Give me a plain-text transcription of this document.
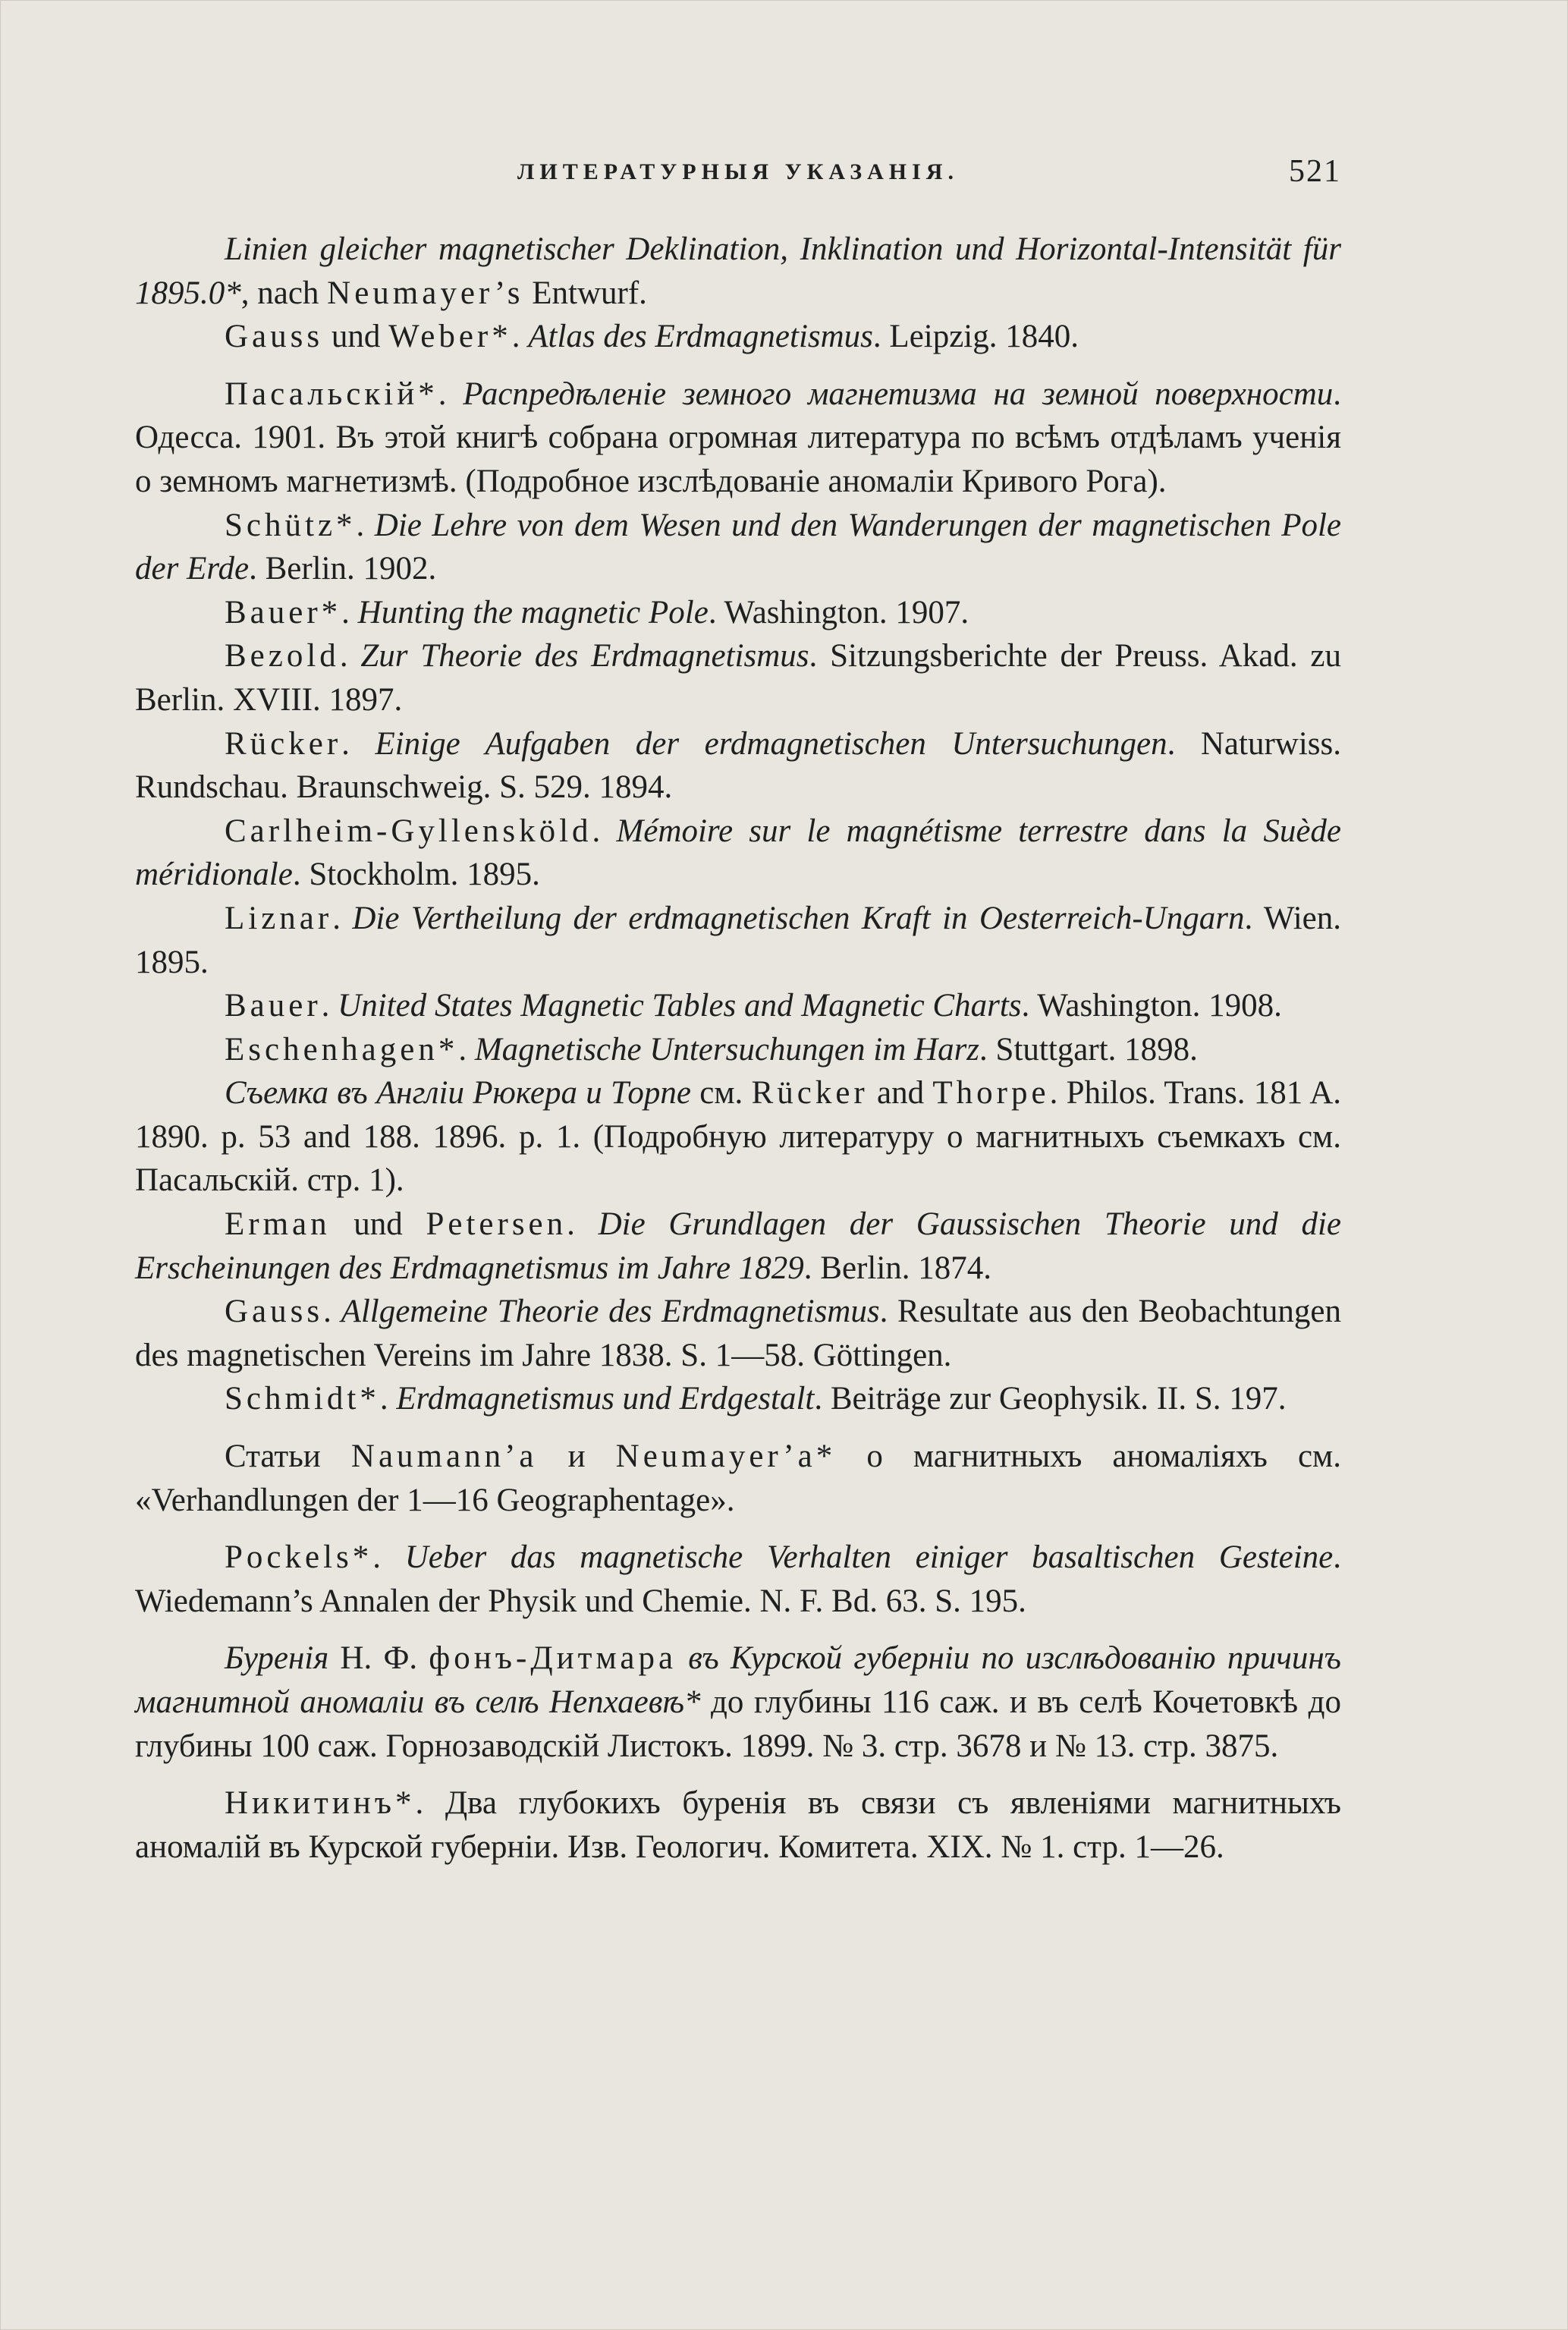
ЛИТЕРАТУРНЫЯ УКАЗАНІЯ.	521

Linien gleicher magnetischer Deklination, Inklination und Horizontal-Intensität für 1895.0*, nach Neumayer’s Entwurf.

Gauss und Weber*. Atlas des Erdmagnetismus. Leipzig. 1840.

Пасальскій*. Распредѣленіе земного магнетизма на земной поверхности. Одесса. 1901. Въ этой книгѣ собрана огромная литература по всѣмъ отдѣламъ ученія о земномъ магнетизмѣ. (Подробное изслѣдованіе аномаліи Кривого Рога).

Schütz*. Die Lehre von dem Wesen und den Wanderungen der magnetischen Pole der Erde. Berlin. 1902.

Bauer*. Hunting the magnetic Pole. Washington. 1907.

Bezold. Zur Theorie des Erdmagnetismus. Sitzungsberichte der Preuss. Akad. zu Berlin. XVIII. 1897.

Rücker. Einige Aufgaben der erdmagnetischen Untersuchungen. Naturwiss. Rundschau. Braunschweig. S. 529. 1894.

Carlheim-Gyllensköld. Mémoire sur le magnétisme terrestre dans la Suède méridionale. Stockholm. 1895.

Liznar. Die Vertheilung der erdmagnetischen Kraft in Oesterreich-Ungarn. Wien. 1895.

Bauer. United States Magnetic Tables and Magnetic Charts. Washington. 1908.

Eschenhagen*. Magnetische Untersuchungen im Harz. Stuttgart. 1898.

Съемка въ Англіи Рюкера и Торпе см. Rücker and Thorpe. Philos. Trans. 181 A. 1890. p. 53 and 188. 1896. p. 1. (Подробную литературу о магнитныхъ съемкахъ см. Пасальскій. стр. 1).

Erman und Petersen. Die Grundlagen der Gaussischen Theorie und die Erscheinungen des Erdmagnetismus im Jahre 1829. Berlin. 1874.

Gauss. Allgemeine Theorie des Erdmagnetismus. Resultate aus den Beobachtungen des magnetischen Vereins im Jahre 1838. S. 1—58. Göttingen.

Schmidt*. Erdmagnetismus und Erdgestalt. Beiträge zur Geophysik. II. S. 197.

Статьи Naumann’a и Neumayer’a* о магнитныхъ аномаліяхъ см. «Verhandlungen der 1—16 Geographentage».

Pockels*. Ueber das magnetische Verhalten einiger basaltischen Gesteine. Wiedemann’s Annalen der Physik und Chemie. N. F. Bd. 63. S. 195.

Буренія Н. Ф. фонъ-Дитмара въ Курской губерніи по изслѣдованію причинъ магнитной аномаліи въ селѣ Непхаевѣ* до глубины 116 саж. и въ селѣ Кочетовкѣ до глубины 100 саж. Горнозаводскій Листокъ. 1899. № 3. стр. 3678 и № 13. стр. 3875.

Никитинъ*. Два глубокихъ буренія въ связи съ явленіями магнитныхъ аномалій въ Курской губерніи. Изв. Геологич. Комитета. XIX. № 1. стр. 1—26.
